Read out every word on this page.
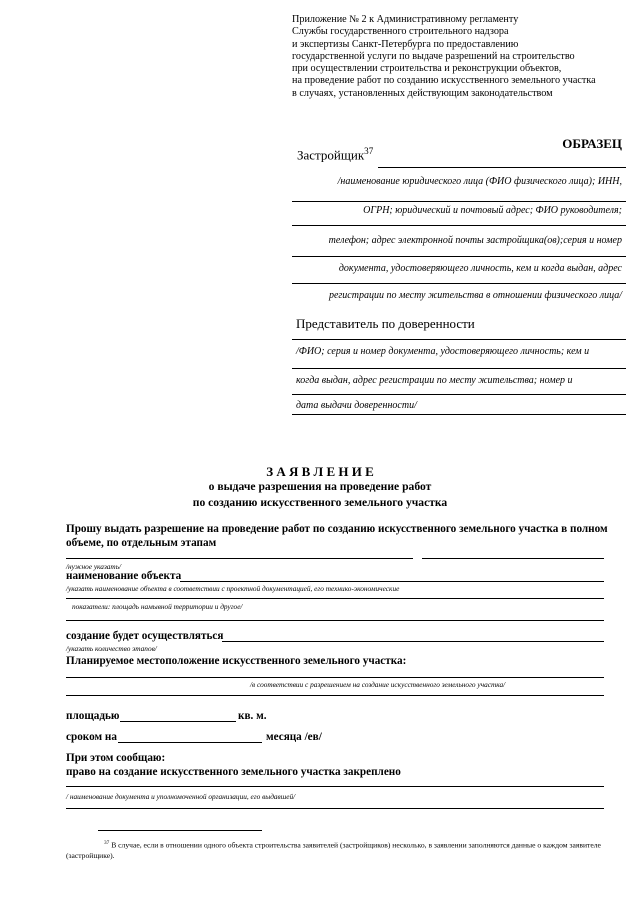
Приложение № 2 к Административному регламенту
Службы государственного строительного надзора
и экспертизы Санкт-Петербурга по предоставлению
государственной услуги по выдаче разрешений на строительство
при осуществлении строительства и реконструкции объектов,
на проведение работ по созданию искусственного земельного участка
в случаях, установленных действующим законодательством
ОБРАЗЕЦ
Застройщик$^{37}$
/наименование юридического лица (ФИО физического лица); ИНН,
ОГРН; юридический и почтовый адрес; ФИО руководителя;
телефон; адрес электронной почты застройщика(ов);серия и номер
документа, удостоверяющего личность, кем и когда выдан, адрес
регистрации по месту жительства в отношении физического лица/
Представитель по доверенности
/ФИО; серия и номер документа, удостоверяющего личность; кем и
когда выдан, адрес регистрации по месту жительства; номер и
дата выдачи доверенности/
З А Я В Л Е Н И Е
о выдаче разрешения на проведение работ
по созданию искусственного земельного участка
Прошу выдать разрешение на проведение работ по созданию искусственного земельного участка в полном
объеме, по отдельным этапам
/нужное указать/
наименование объекта
/указать наименование объекта в соответствии с проектной документацией, его технико-экономические
показатели: площадь намывной территории и другое/
создание будет осуществляться
/указать количество этапов/
Планируемое местоположение искусственного земельного участка:
/в соответствии с разрешением на создание искусственного земельного участка/
площадью	кв. м.
сроком на	месяца /ев/
При этом сообщаю:
право на создание искусственного земельного участка закреплено
/ наименование документа и уполномоченной организации, его выдавшей/
$^{37}$ В случае, если в отношении одного объекта строительства заявителей (застройщиков) несколько, в заявлении заполняются данные о каждом заявителе (застройщике).
